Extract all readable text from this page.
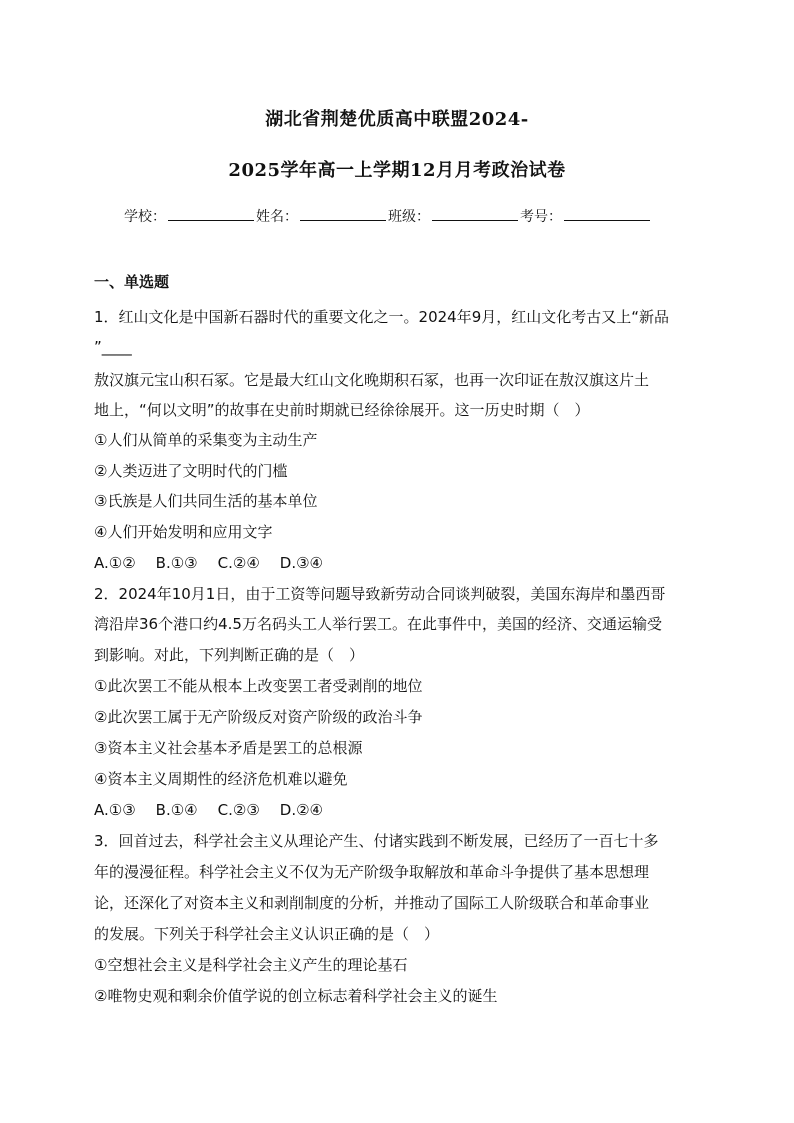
湖北省荆楚优质高中联盟2024-
2025学年高一上学期12月月考政治试卷
学校：	姓名：	班级：	考号：
一、单选题
1．红山文化是中国新石器时代的重要文化之一。2024年9月，红山文化考古又上“新品
”____
敖汉旗元宝山积石冢。它是最大红山文化晚期积石冢，也再一次印证在敖汉旗这片土
地上，“何以文明”的故事在史前时期就已经徐徐展开。这一历史时期（　）
①人们从简单的采集变为主动生产
②人类迈进了文明时代的门槛
③氏族是人们共同生活的基本单位
④人们开始发明和应用文字
A.①② B.①③ C.②④ D.③④
2．2024年10月1日，由于工资等问题导致新劳动合同谈判破裂，美国东海岸和墨西哥
湾沿岸36个港口约4.5万名码头工人举行罢工。在此事件中，美国的经济、交通运输受
到影响。对此，下列判断正确的是（　）
①此次罢工不能从根本上改变罢工者受剥削的地位
②此次罢工属于无产阶级反对资产阶级的政治斗争
③资本主义社会基本矛盾是罢工的总根源
④资本主义周期性的经济危机难以避免
A.①③ B.①④ C.②③ D.②④
3．回首过去，科学社会主义从理论产生、付诸实践到不断发展，已经历了一百七十多
年的漫漫征程。科学社会主义不仅为无产阶级争取解放和革命斗争提供了基本思想理
论，还深化了对资本主义和剥削制度的分析，并推动了国际工人阶级联合和革命事业
的发展。下列关于科学社会主义认识正确的是（　）
①空想社会主义是科学社会主义产生的理论基石
②唯物史观和剩余价值学说的创立标志着科学社会主义的诞生
